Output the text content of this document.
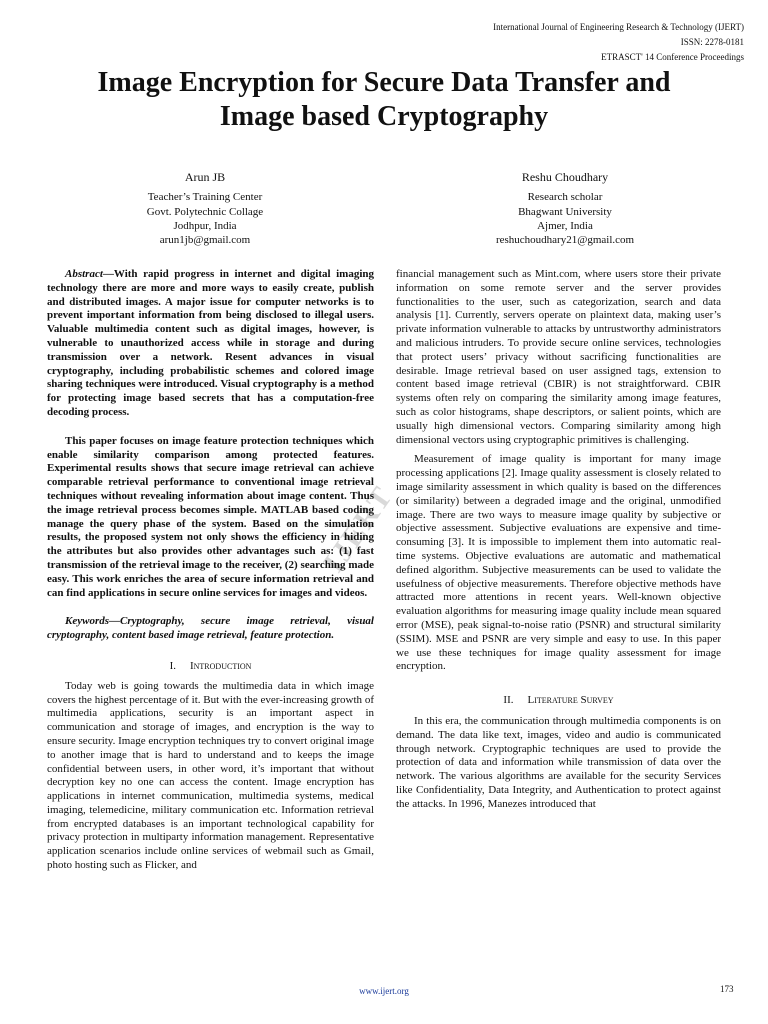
International Journal of Engineering Research & Technology (IJERT)
ISSN: 2278-0181
ETRASCT' 14 Conference Proceedings
Image Encryption for Secure Data Transfer and
Image based Cryptography
Arun JB
Teacher’s Training Center
Govt. Polytechnic Collage
Jodhpur, India
arun1jb@gmail.com
Reshu Choudhary
Research scholar
Bhagwant University
Ajmer, India
reshuchoudhary21@gmail.com
IJERT

Abstract—With rapid progress in internet and digital imaging technology there are more and more ways to easily create, publish and distributed images. A major issue for computer networks is to prevent important information from being disclosed to illegal users. Valuable multimedia content such as digital images, however, is vulnerable to unauthorized access while in storage and during transmission over a network. Resent advances in visual cryptography, including probabilistic schemes and colored image sharing techniques were introduced. Visual cryptography is a method for protecting image based secrets that has a computation-free decoding process.

This paper focuses on image feature protection techniques which enable similarity comparison among protected features. Experimental results shows that secure image retrieval can achieve comparable retrieval performance to conventional image retrieval techniques without revealing information about image content. Thus the image retrieval process becomes simple. MATLAB based coding manage the query phase of the system. Based on the simulation results, the proposed system not only shows the efficiency in hiding the attributes but also provides other advantages such as: (1) fast transmission of the retrieval image to the receiver, (2) searching made easy. This work enriches the area of secure information retrieval and can find applications in secure online services for images and videos.

Keywords—Cryptography, secure image retrieval, visual cryptography, content based image retrieval, feature protection.

I. Introduction

Today web is going towards the multimedia data in which image covers the highest percentage of it. But with the ever-increasing growth of multimedia applications, security is an important aspect in communication and storage of images, and encryption is the way to ensure security. Image encryption techniques try to convert original image to another image that is hard to understand and to keeps the image confidential between users, in other word, it’s important that without decryption key no one can access the content. Image encryption has applications in internet communication, multimedia systems, medical imaging, telemedicine, military communication etc. Information retrieval from encrypted databases is an important technological capability for privacy protection in multiparty information management. Representative application scenarios include online services of webmail such as Gmail, photo hosting such as Flicker, and

financial management such as Mint.com, where users store their private information on some remote server and the server provides functionalities to the user, such as categorization, search and data analysis [1]. Currently, servers operate on plaintext data, making user’s private information vulnerable to attacks by untrustworthy administrators and malicious intruders. To provide secure online services, technologies that protect users’ privacy without sacrificing functionalities are desirable. Image retrieval based on user assigned tags, extension to content based image retrieval (CBIR) is not straightforward. CBIR systems often rely on comparing the similarity among image features, such as color histograms, shape descriptors, or salient points, which are usually high dimensional vectors. Comparing similarity among high dimensional vectors using cryptographic primitives is challenging.

Measurement of image quality is important for many image processing applications [2]. Image quality assessment is closely related to image similarity assessment in which quality is based on the differences (or similarity) between a degraded image and the original, unmodified image. There are two ways to measure image quality by subjective or objective assessment. Subjective evaluations are expensive and time-consuming [3]. It is impossible to implement them into automatic real-time systems. Objective evaluations are automatic and mathematical defined algorithm. Subjective measurements can be used to validate the usefulness of objective measurements. Therefore objective methods have attracted more attentions in recent years. Well-known objective evaluation algorithms for measuring image quality include mean squared error (MSE), peak signal-to-noise ratio (PSNR) and structural similarity (SSIM). MSE and PSNR are very simple and easy to use. In this paper we use these techniques for image quality assessment for image encryption.

II. Literature Survey

In this era, the communication through multimedia components is on demand. The data like text, images, video and audio is communicated through network. Cryptographic techniques are used to provide the protection of data and information while transmission of data over the network. The various algorithms are available for the security Services like Confidentiality, Data Integrity, and Authentication to protect against the attacks. In 1996, Manezes introduced that

www.ijert.org	173
